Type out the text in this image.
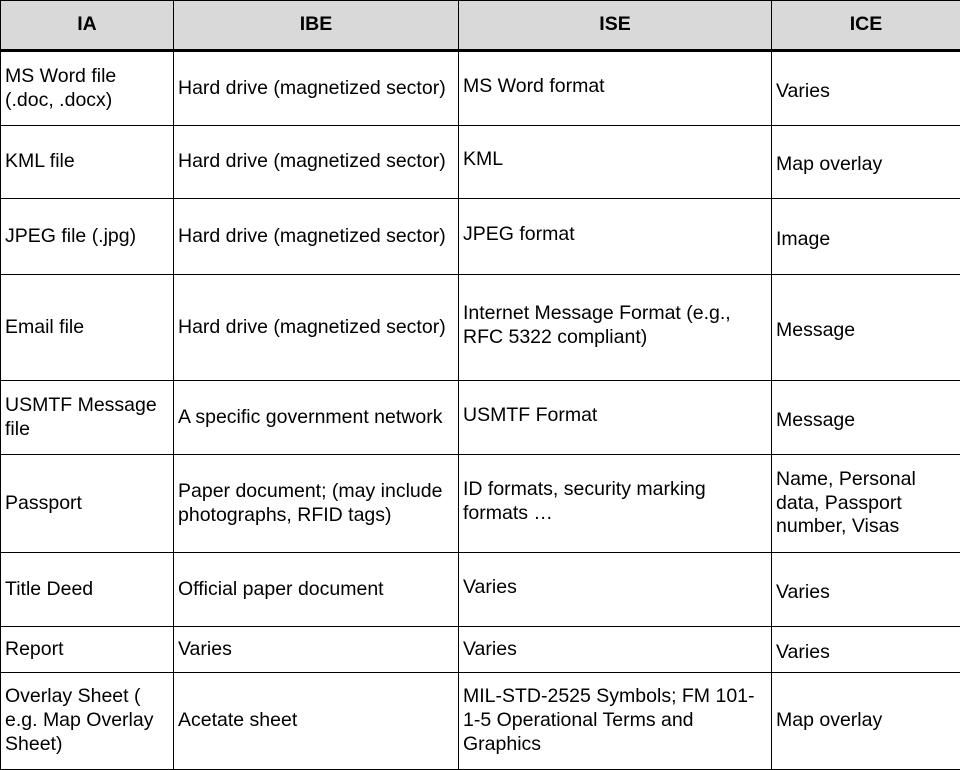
IA	IBE	ISE	ICE
MS Word file (.doc, .docx)	Hard drive (magnetized sector)	MS Word format	Varies
KML file	Hard drive (magnetized sector)	KML	Map overlay
JPEG file (.jpg)	Hard drive (magnetized sector)	JPEG format	Image
Email file	Hard drive (magnetized sector)	Internet Message Format (e.g., RFC 5322 compliant)	Message
USMTF Message file	A specific government network	USMTF Format	Message
Passport	Paper document; (may include photographs, RFID tags)	ID formats, security marking formats …	Name, Personal data, Passport number, Visas
Title Deed	Official paper document	Varies	Varies
Report	Varies	Varies	Varies
Overlay Sheet ( e.g. Map Overlay Sheet)	Acetate sheet	MIL-STD-2525 Symbols; FM 101-1-5 Operational Terms and Graphics	Map overlay
